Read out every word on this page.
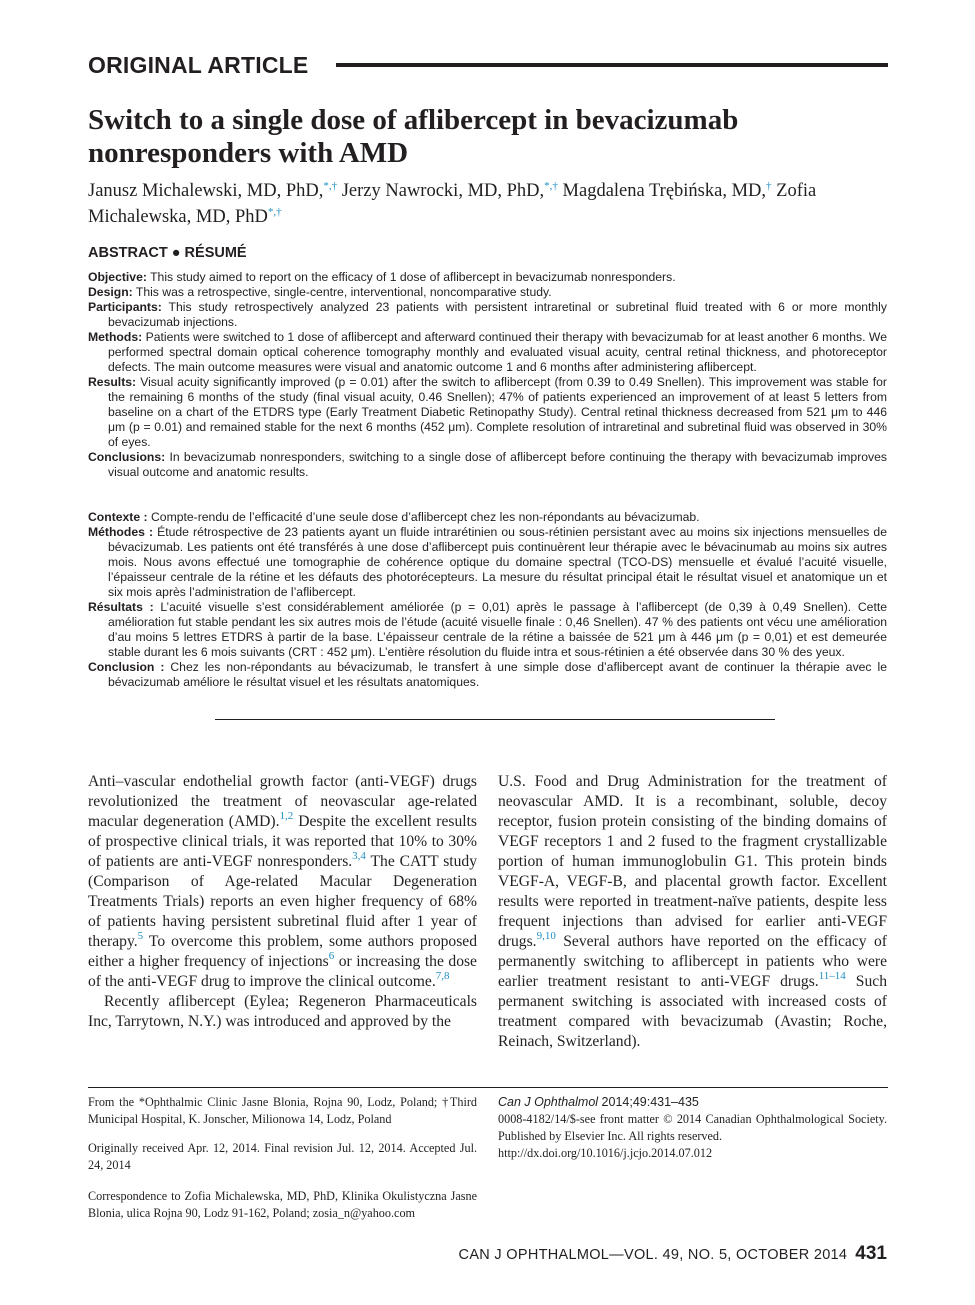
ORIGINAL ARTICLE
Switch to a single dose of aflibercept in bevacizumab nonresponders with AMD
Janusz Michalewski, MD, PhD,*,† Jerzy Nawrocki, MD, PhD,*,† Magdalena Trębińska, MD,† Zofia Michalewska, MD, PhD*,†
ABSTRACT ● RÉSUMÉ
Objective: This study aimed to report on the efficacy of 1 dose of aflibercept in bevacizumab nonresponders.
Design: This was a retrospective, single-centre, interventional, noncomparative study.
Participants: This study retrospectively analyzed 23 patients with persistent intraretinal or subretinal fluid treated with 6 or more monthly bevacizumab injections.
Methods: Patients were switched to 1 dose of aflibercept and afterward continued their therapy with bevacizumab for at least another 6 months. We performed spectral domain optical coherence tomography monthly and evaluated visual acuity, central retinal thickness, and photoreceptor defects. The main outcome measures were visual and anatomic outcome 1 and 6 months after administering aflibercept.
Results: Visual acuity significantly improved (p = 0.01) after the switch to aflibercept (from 0.39 to 0.49 Snellen). This improvement was stable for the remaining 6 months of the study (final visual acuity, 0.46 Snellen); 47% of patients experienced an improvement of at least 5 letters from baseline on a chart of the ETDRS type (Early Treatment Diabetic Retinopathy Study). Central retinal thickness decreased from 521 μm to 446 μm (p = 0.01) and remained stable for the next 6 months (452 μm). Complete resolution of intraretinal and subretinal fluid was observed in 30% of eyes.
Conclusions: In bevacizumab nonresponders, switching to a single dose of aflibercept before continuing the therapy with bevacizumab improves visual outcome and anatomic results.
Contexte : Compte-rendu de l’efficacité d’une seule dose d’aflibercept chez les non-répondants au bévacizumab.
Méthodes : Étude rétrospective de 23 patients ayant un fluide intrarétinien ou sous-rétinien persistant avec au moins six injections mensuelles de bévacizumab. Les patients ont été transférés à une dose d’aflibercept puis continuèrent leur thérapie avec le bévacinumab au moins six autres mois. Nous avons effectué une tomographie de cohérence optique du domaine spectral (TCO-DS) mensuelle et évalué l’acuité visuelle, l’épaisseur centrale de la rétine et les défauts des photorécepteurs. La mesure du résultat principal était le résultat visuel et anatomique un et six mois après l’administration de l’aflibercept.
Résultats : L’acuité visuelle s’est considérablement améliorée (p = 0,01) après le passage à l’aflibercept (de 0,39 à 0,49 Snellen). Cette amélioration fut stable pendant les six autres mois de l’étude (acuité visuelle finale : 0,46 Snellen). 47 % des patients ont vécu une amélioration d’au moins 5 lettres ETDRS à partir de la base. L’épaisseur centrale de la rétine a baissée de 521 μm à 446 μm (p = 0,01) et est demeurée stable durant les 6 mois suivants (CRT : 452 μm). L’entière résolution du fluide intra et sous-rétinien a été observée dans 30 % des yeux.
Conclusion : Chez les non-répondants au bévacizumab, le transfert à une simple dose d’aflibercept avant de continuer la thérapie avec le bévacizumab améliore le résultat visuel et les résultats anatomiques.

Anti–vascular endothelial growth factor (anti-VEGF) drugs revolutionized the treatment of neovascular age-related macular degeneration (AMD).$^{1,2}$ Despite the excellent results of prospective clinical trials, it was reported that 10% to 30% of patients are anti-VEGF nonresponders.$^{3,4}$ The CATT study (Comparison of Age-related Macular Degeneration Treatments Trials) reports an even higher frequency of 68% of patients having persistent subretinal fluid after 1 year of therapy.$^5$ To overcome this problem, some authors proposed either a higher frequency of injections$^6$ or increasing the dose of the anti-VEGF drug to improve the clinical outcome.$^{7,8}$

Recently aflibercept (Eylea; Regeneron Pharmaceuticals Inc, Tarrytown, N.Y.) was introduced and approved by the

U.S. Food and Drug Administration for the treatment of neovascular AMD. It is a recombinant, soluble, decoy receptor, fusion protein consisting of the binding domains of VEGF receptors 1 and 2 fused to the fragment crystallizable portion of human immunoglobulin G1. This protein binds VEGF-A, VEGF-B, and placental growth factor. Excellent results were reported in treatment-naïve patients, despite less frequent injections than advised for earlier anti-VEGF drugs.$^{9,10}$ Several authors have reported on the efficacy of permanently switching to aflibercept in patients who were earlier treatment resistant to anti-VEGF drugs.$^{11-14}$ Such permanent switching is associated with increased costs of treatment compared with bevacizumab (Avastin; Roche, Reinach, Switzerland).

From the *Ophthalmic Clinic Jasne Blonia, Rojna 90, Lodz, Poland; †Third Municipal Hospital, K. Jonscher, Milionowa 14, Lodz, Poland
Originally received Apr. 12, 2014. Final revision Jul. 12, 2014. Accepted Jul. 24, 2014
Correspondence to Zofia Michalewska, MD, PhD, Klinika Okulistyczna Jasne Blonia, ulica Rojna 90, Lodz 91-162, Poland; zosia_n@yahoo.com
Can J Ophthalmol 2014;49:431–435
0008-4182/14/$-see front matter © 2014 Canadian Ophthalmological Society. Published by Elsevier Inc. All rights reserved.
http://dx.doi.org/10.1016/j.jcjo.2014.07.012
CAN J OPHTHALMOL—VOL. 49, NO. 5, OCTOBER 2014 431
